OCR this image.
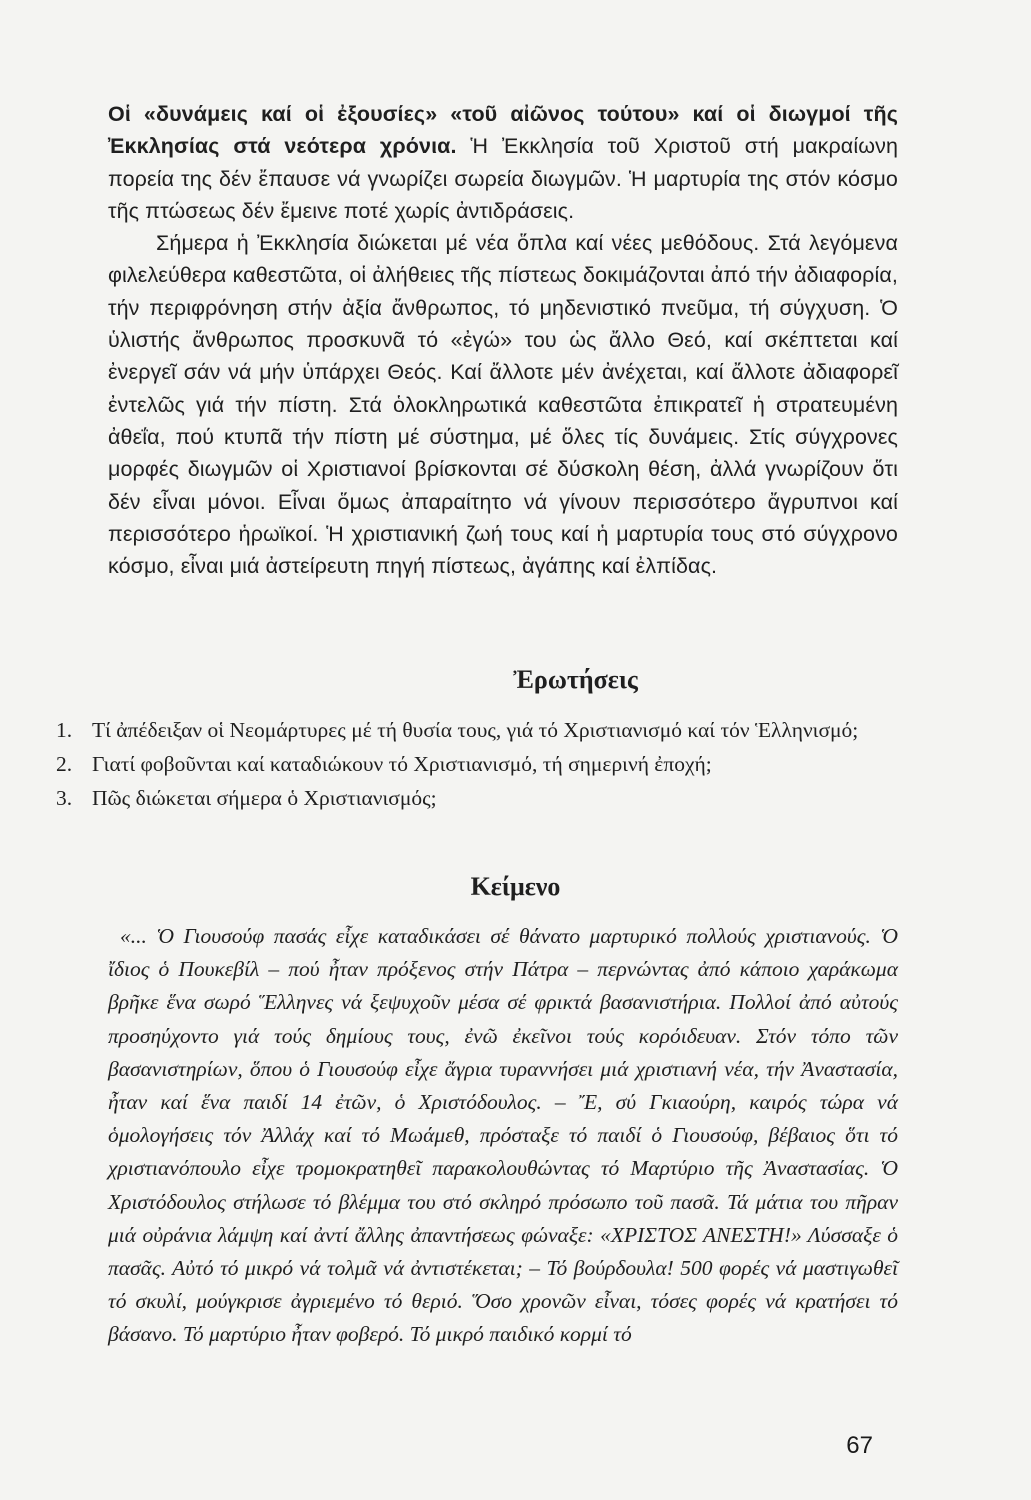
Οἱ «δυνάμεις καί οἱ ἐξουσίες» «τοῦ αἰῶνος τούτου» καί οἱ διωγμοί τῆς Ἐκκλησίας στά νεότερα χρόνια. Ἡ Ἐκκλησία τοῦ Χριστοῦ στή μακραίωνη πορεία της δέν ἔπαυσε νά γνωρίζει σωρεία διωγμῶν. Ἡ μαρτυρία της στόν κόσμο τῆς πτώσεως δέν ἔμεινε ποτέ χωρίς ἀντιδράσεις.

Σήμερα ἡ Ἐκκλησία διώκεται μέ νέα ὅπλα καί νέες μεθόδους. Στά λεγόμενα φιλελεύθερα καθεστῶτα, οἱ ἀλήθειες τῆς πίστεως δοκιμάζονται ἀπό τήν ἀδιαφορία, τήν περιφρόνηση στήν ἀξία ἄνθρωπος, τό μηδενιστικό πνεῦμα, τή σύγχυση. Ὁ ὑλιστής ἄνθρωπος προσκυνᾶ τό «ἐγώ» του ὡς ἄλλο Θεό, καί σκέπτεται καί ἐνεργεῖ σάν νά μήν ὑπάρχει Θεός. Καί ἄλλοτε μέν ἀνέχεται, καί ἄλλοτε ἀδιαφορεῖ ἐντελῶς γιά τήν πίστη. Στά ὁλοκληρωτικά καθεστῶτα ἐπικρατεῖ ἡ στρατευμένη ἀθεΐα, πού κτυπᾶ τήν πίστη μέ σύστημα, μέ ὅλες τίς δυνάμεις. Στίς σύγχρονες μορφές διωγμῶν οἱ Χριστιανοί βρίσκονται σέ δύσκολη θέση, ἀλλά γνωρίζουν ὅτι δέν εἶναι μόνοι. Εἶναι ὅμως ἀπαραίτητο νά γίνουν περισσότερο ἄγρυπνοι καί περισσότερο ἡρωϊκοί. Ἡ χριστιανική ζωή τους καί ἡ μαρτυρία τους στό σύγχρονο κόσμο, εἶναι μιά ἀστείρευτη πηγή πίστεως, ἀγάπης καί ἐλπίδας.

Ἐρωτήσεις
1. Τί ἀπέδειξαν οἱ Νεομάρτυρες μέ τή θυσία τους, γιά τό Χριστιανισμό καί τόν Ἑλληνισμό;
2. Γιατί φοβοῦνται καί καταδιώκουν τό Χριστιανισμό, τή σημερινή ἐποχή;
3. Πῶς διώκεται σήμερα ὁ Χριστιανισμός;
Κείμενο

«... Ὁ Γιουσούφ πασάς εἶχε καταδικάσει σέ θάνατο μαρτυρικό πολλούς χριστιανούς. Ὁ ἴδιος ὁ Πουκεβίλ – πού ἦταν πρόξενος στήν Πάτρα – περνώντας ἀπό κάποιο χαράκωμα βρῆκε ἕνα σωρό Ἕλληνες νά ξεψυχοῦν μέσα σέ φρικτά βασανιστήρια. Πολλοί ἀπό αὐτούς προσηύχοντο γιά τούς δημίους τους, ἐνῶ ἐκεῖνοι τούς κορόιδευαν. Στόν τόπο τῶν βασανιστηρίων, ὅπου ὁ Γιουσούφ εἶχε ἄγρια τυραννήσει μιά χριστιανή νέα, τήν Ἀναστασία, ἦταν καί ἕνα παιδί 14 ἐτῶν, ὁ Χριστόδουλος. – Ἔ, σύ Γκιαούρη, καιρός τώρα νά ὁμολογήσεις τόν Ἀλλάχ καί τό Μωάμεθ, πρόσταξε τό παιδί ὁ Γιουσούφ, βέβαιος ὅτι τό χριστιανόπουλο εἶχε τρομοκρατηθεῖ παρακολουθώντας τό Μαρτύριο τῆς Ἀναστασίας. Ὁ Χριστόδουλος στήλωσε τό βλέμμα του στό σκληρό πρόσωπο τοῦ πασᾶ. Τά μάτια του πῆραν μιά οὐράνια λάμψη καί ἀντί ἄλλης ἀπαντήσεως φώναξε: «ΧΡΙΣΤΟΣ ΑΝΕΣΤΗ!» Λύσσαξε ὁ πασᾶς. Αὐτό τό μικρό νά τολμᾶ νά ἀντιστέκεται; – Τό βούρδουλα! 500 φορές νά μαστιγωθεῖ τό σκυλί, μούγκρισε ἀγριεμένο τό θεριό. Ὅσο χρονῶν εἶναι, τόσες φορές νά κρατήσει τό βάσανο. Τό μαρτύριο ἦταν φοβερό. Τό μικρό παιδικό κορμί τό

67
